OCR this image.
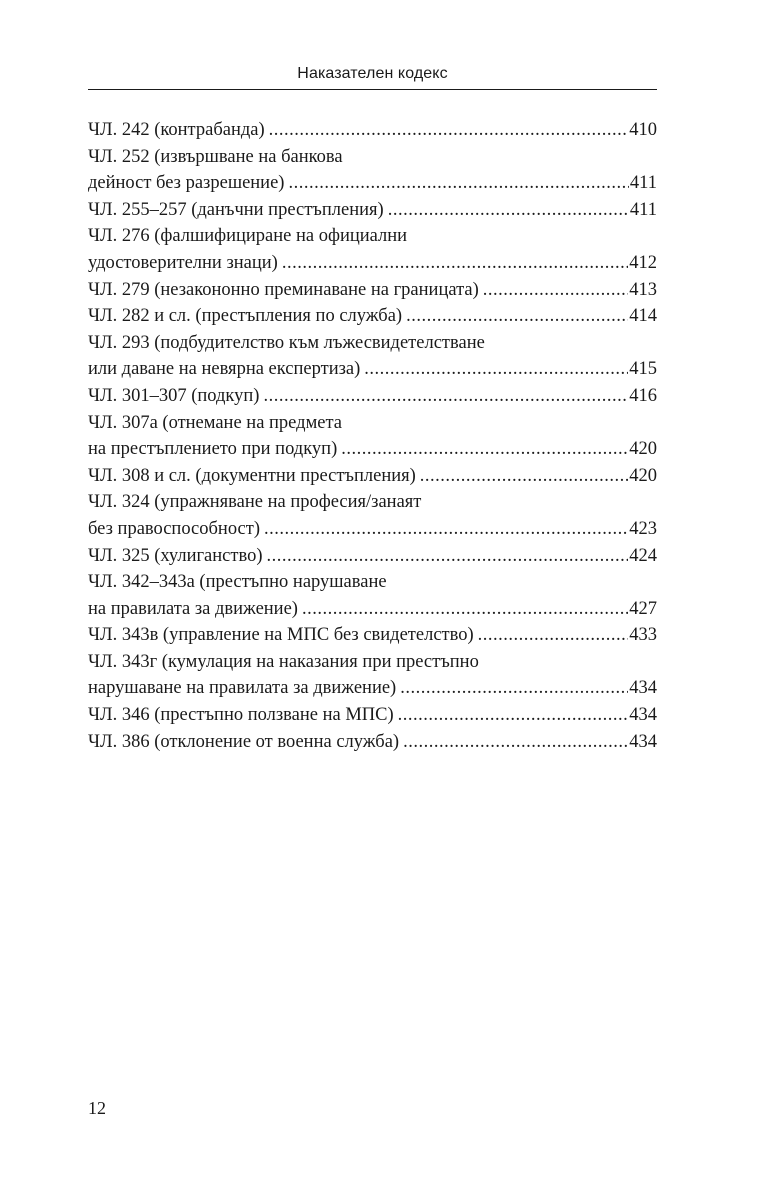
Наказателен кодекс
ЧЛ. 242 (контрабанда) .....	410
ЧЛ. 252 (извършване на банкова
дейност без разрешение) .....	411
ЧЛ. 255–257 (данъчни престъпления) .....	411
ЧЛ. 276 (фалшифициране на официални
удостоверителни знаци) .....	412
ЧЛ. 279 (незакононно преминаване на границата) .....	413
ЧЛ. 282 и сл. (престъпления по служба) .....	414
ЧЛ. 293 (подбудителство към лъжесвидетелстване
или даване на невярна експертиза) .....	415
ЧЛ. 301–307 (подкуп) .....	416
ЧЛ. 307а (отнемане на предмета
на престъплението при подкуп) .....	420
ЧЛ. 308 и сл. (документни престъпления) .....	420
ЧЛ. 324 (упражняване на професия/занаят
без правоспособност) .....	423
ЧЛ. 325 (хулиганство) .....	424
ЧЛ. 342–343а (престъпно нарушаване
на правилата за движение) .....	427
ЧЛ. 343в (управление на МПС без свидетелство) .....	433
ЧЛ. 343г (кумулация на наказания при престъпно
нарушаване на правилата за движение) .....	434
ЧЛ. 346 (престъпно ползване на МПС) .....	434
ЧЛ. 386 (отклонение от военна служба) .....	434
12
